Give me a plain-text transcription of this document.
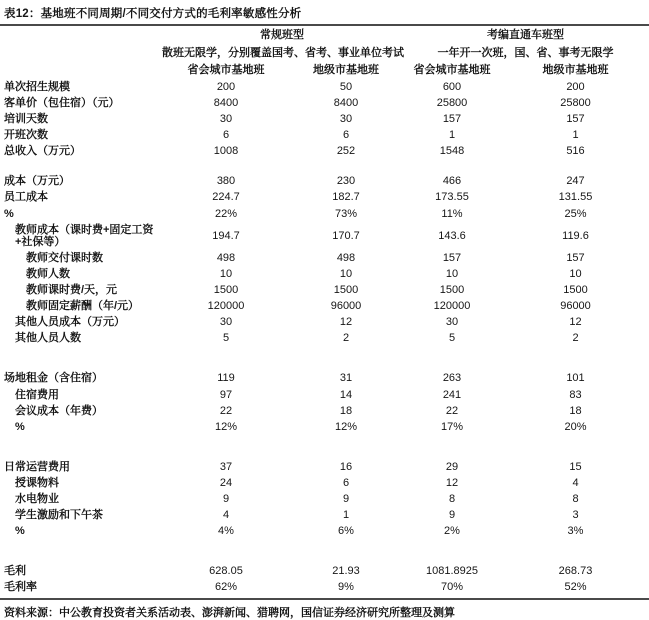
表12：基地班不同周期/不同交付方式的毛利率敏感性分析
	常规班型		考编直通车班型	
	散班无限学，分别覆盖国考、省考、事业单位考试		一年开一次班，国、省、事考无限学	
	省会城市基地班	地级市基地班	省会城市基地班	地级市基地班
单次招生规模	200	50	600	200
客单价（包住宿）（元）	8400	8400	25800	25800
培训天数	30	30	157	157
开班次数	6	6	1	1
总收入（万元）	1008	252	1548	516

成本（万元）	380	230	466	247
员工成本	224.7	182.7	173.55	131.55
%	22%	73%	11%	25%
教师成本（课时费+固定工资+社保等）	194.7	170.7	143.6	119.6
教师交付课时数	498	498	157	157
教师人数	10	10	10	10
教师课时费/天，元	1500	1500	1500	1500
教师固定薪酬（年/元）	120000	96000	120000	96000
其他人员成本（万元）	30	12	30	12
其他人员人数	5	2	5	2

场地租金（含住宿）	119	31	263	101
住宿费用	97	14	241	83
会议成本（年费）	22	18	22	18
%	12%	12%	17%	20%

日常运营费用	37	16	29	15
授课物料	24	6	12	4
水电物业	9	9	8	8
学生激励和下午茶	4	1	9	3
%	4%	6%	2%	3%

毛利	628.05	21.93	1081.8925	268.73
毛利率	62%	9%	70%	52%
资料来源：中公教育投资者关系活动表、澎湃新闻、猎聘网，国信证券经济研究所整理及测算
